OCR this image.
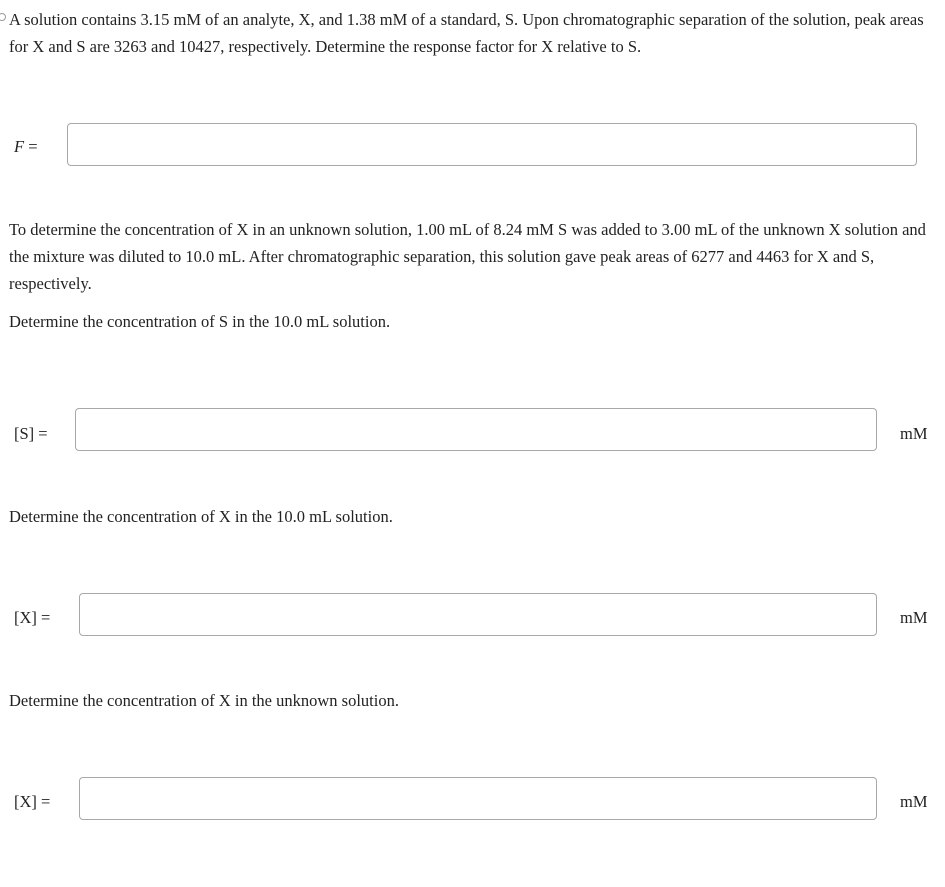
A solution contains 3.15 mM of an analyte, X, and 1.38 mM of a standard, S. Upon chromatographic separation of the solution, peak areas for X and S are 3263 and 10427, respectively. Determine the response factor for X relative to S.

F =

To determine the concentration of X in an unknown solution, 1.00 mL of 8.24 mM S was added to 3.00 mL of the unknown X solution and the mixture was diluted to 10.0 mL. After chromatographic separation, this solution gave peak areas of 6277 and 4463 for X and S, respectively.

Determine the concentration of S in the 10.0 mL solution.

[S] =	mM

Determine the concentration of X in the 10.0 mL solution.

[X] =	mM

Determine the concentration of X in the unknown solution.

[X] =	mM
